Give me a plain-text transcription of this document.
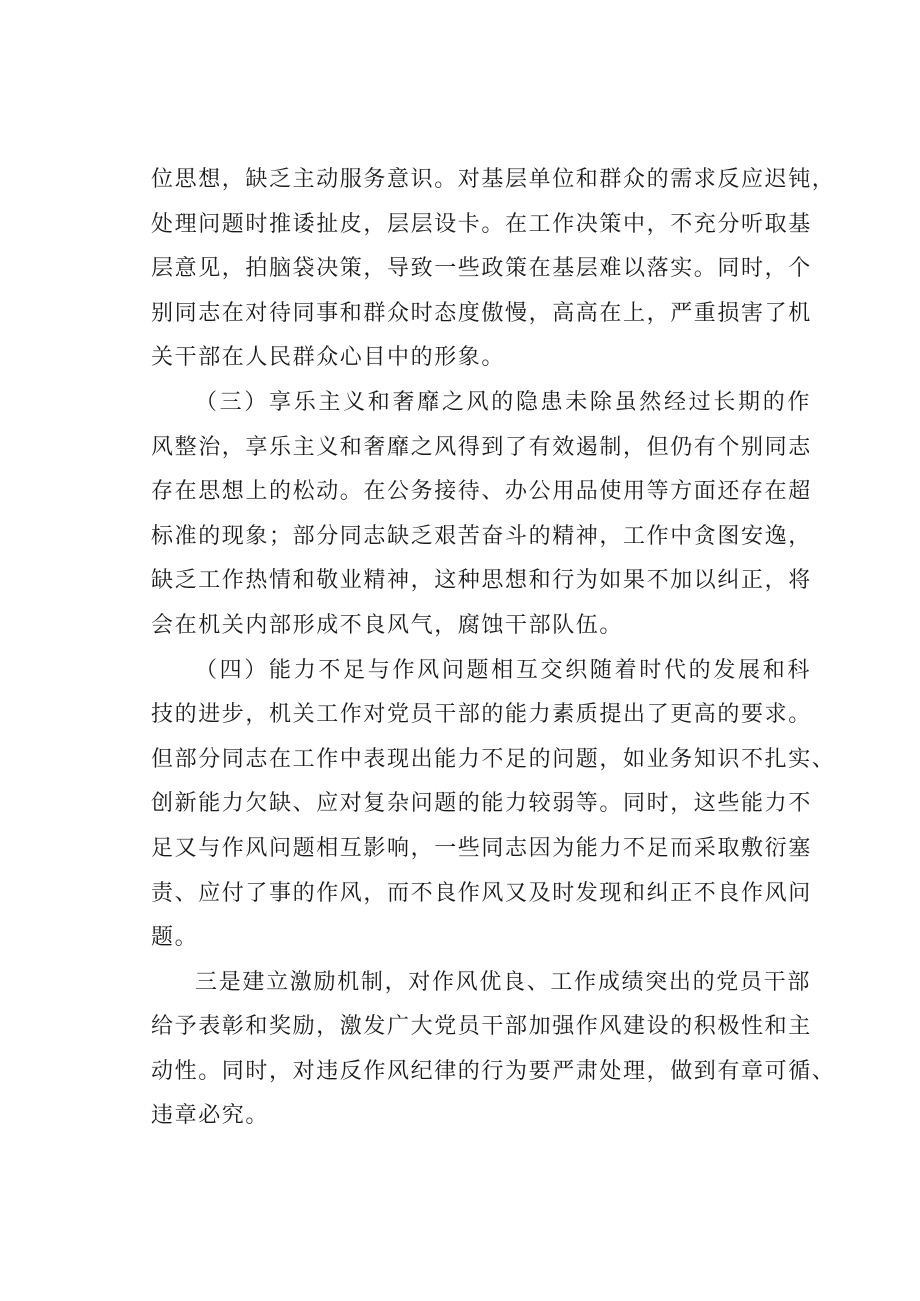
位思想，缺乏主动服务意识。对基层单位和群众的需求反应迟钝，
处理问题时推诿扯皮，层层设卡。在工作决策中，不充分听取基
层意见，拍脑袋决策，导致一些政策在基层难以落实。同时，个
别同志在对待同事和群众时态度傲慢，高高在上，严重损害了机
关干部在人民群众心目中的形象。
（三）享乐主义和奢靡之风的隐患未除虽然经过长期的作
风整治，享乐主义和奢靡之风得到了有效遏制，但仍有个别同志
存在思想上的松动。在公务接待、办公用品使用等方面还存在超
标准的现象；部分同志缺乏艰苦奋斗的精神，工作中贪图安逸，
缺乏工作热情和敬业精神，这种思想和行为如果不加以纠正，将
会在机关内部形成不良风气，腐蚀干部队伍。
（四）能力不足与作风问题相互交织随着时代的发展和科
技的进步，机关工作对党员干部的能力素质提出了更高的要求。
但部分同志在工作中表现出能力不足的问题，如业务知识不扎实、
创新能力欠缺、应对复杂问题的能力较弱等。同时，这些能力不
足又与作风问题相互影响，一些同志因为能力不足而采取敷衍塞
责、应付了事的作风，而不良作风又及时发现和纠正不良作风问
题。
三是建立激励机制，对作风优良、工作成绩突出的党员干部
给予表彰和奖励，激发广大党员干部加强作风建设的积极性和主
动性。同时，对违反作风纪律的行为要严肃处理，做到有章可循、
违章必究。
